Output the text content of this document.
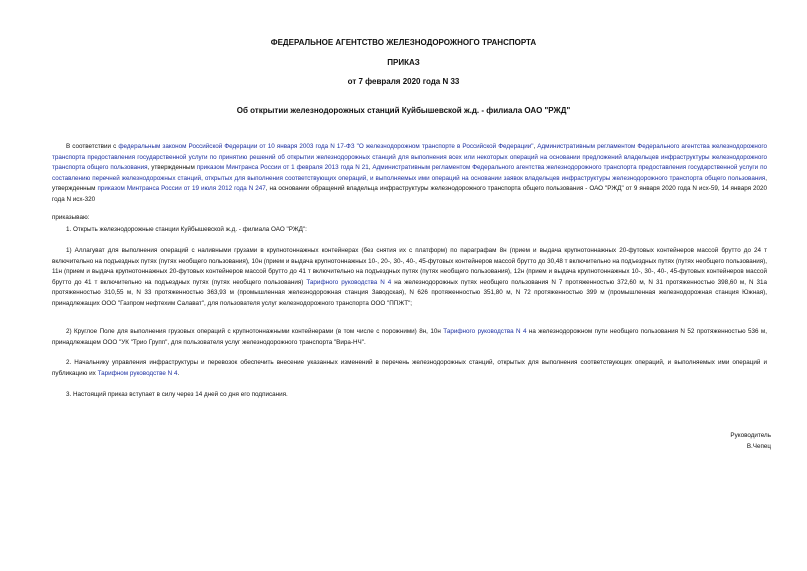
ФЕДЕРАЛЬНОЕ АГЕНТСТВО ЖЕЛЕЗНОДОРОЖНОГО ТРАНСПОРТА
ПРИКАЗ
от 7 февраля 2020 года N 33
Об открытии железнодорожных станций Куйбышевской ж.д. - филиала ОАО "РЖД"
В соответствии с федеральным законом Российской Федерации от 10 января 2003 года N 17-ФЗ "О железнодорожном транспорте в Российской Федерации", Административным регламентом Федерального агентства железнодорожного транспорта предоставления государственной услуги по принятию решений об открытии железнодорожных станций для выполнения всех или некоторых операций на основании предложений владельцев инфраструктуры железнодорожного транспорта общего пользования, утвержденным приказом Минтранса России от 1 февраля 2013 года N 21, Административным регламентом Федерального агентства железнодорожного транспорта предоставления государственной услуги по составлению перечней железнодорожных станций, открытых для выполнения соответствующих операций, и выполняемых ими операций на основании заявок владельцев инфраструктуры железнодорожного транспорта общего пользования, утвержденным приказом Минтранса России от 19 июля 2012 года N 247, на основании обращений владельца инфраструктуры железнодорожного транспорта общего пользования - ОАО "РЖД" от 9 января 2020 года N исх-59, 14 января 2020 года N исх-320
приказываю:
1. Открыть железнодорожные станции Куйбышевской ж.д. - филиала ОАО "РЖД":
1) Аллагуват для выполнения операций с наливными грузами в крупнотоннажных контейнерах (без снятия их с платформ) по параграфам 8н (прием и выдача крупнотоннажных 20-футовых контейнеров массой брутто до 24 т включительно на подъездных путях (путях необщего пользования), 10н (прием и выдача крупнотоннажных 10-, 20-, 30-, 40-, 45-футовых контейнеров массой брутто до 30,48 т включительно на подъездных путях (путях необщего пользования), 11н (прием и выдача крупнотоннажных 20-футовых контейнеров массой брутто до 41 т включительно на подъездных путях (путях необщего пользования), 12н (прием и выдача крупнотоннажных 10-, 30-, 40-, 45-футовых контейнеров массой брутто до 41 т включительно на подъездных путях (путях необщего пользования) Тарифного руководства N 4 на железнодорожных путях необщего пользования N 7 протяженностью 372,60 м, N 31 протяженностью 398,60 м, N 31а протяженностью 310,55 м, N 33 протяженностью 363,93 м (промышленная железнодорожная станция Заводская), N 626 протяженностью 351,80 м, N 72 протяженностью 399 м (промышленная железнодорожная станция Южная), принадлежащих ООО "Газпром нефтехим Салават", для пользователя услуг железнодорожного транспорта ООО "ППЖТ";
2) Круглое Поле для выполнения грузовых операций с крупнотоннажными контейнерами (в том числе с порожними) 8н, 10н Тарифного руководства N 4 на железнодорожном пути необщего пользования N 52 протяженностью 536 м, принадлежащем ООО "УК "Трио Групп", для пользователя услуг железнодорожного транспорта "Вира-НЧ".
2. Начальнику управления инфраструктуры и перевозок обеспечить внесение указанных изменений в перечень железнодорожных станций, открытых для выполнения соответствующих операций, и выполняемых ими операций и публикацию их Тарифном руководстве N 4.
3. Настоящий приказ вступает в силу через 14 дней со дня его подписания.
Руководитель
В.Чепец
